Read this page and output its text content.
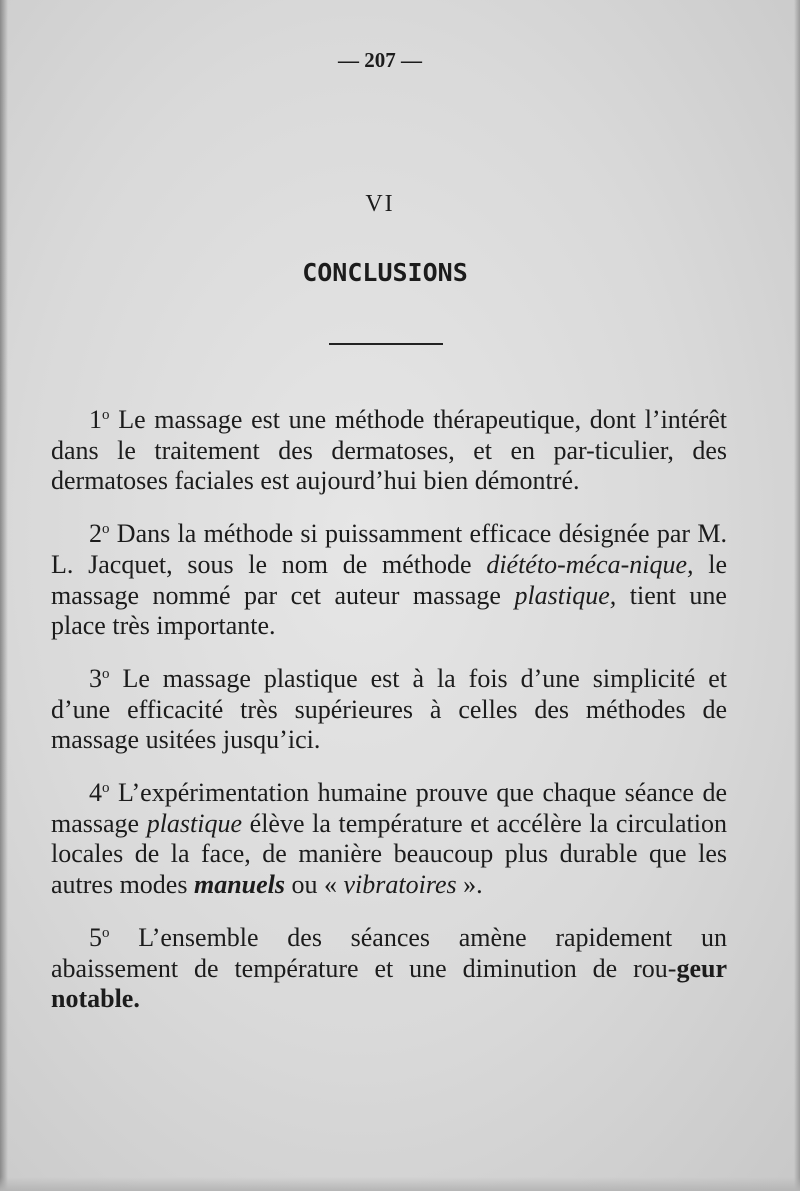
— 207 —
VI
CONCLUSIONS

1$^o$ Le massage est une méthode thérapeutique, dont l’intérêt dans le traitement des dermatoses, et en par-ticulier, des dermatoses faciales est aujourd’hui bien démontré.

2$^o$ Dans la méthode si puissamment efficace désignée par M. L. Jacquet, sous le nom de méthode diététo-méca-nique, le massage nommé par cet auteur massage plastique, tient une place très importante.

3$^o$ Le massage plastique est à la fois d’une simplicité et d’une efficacité très supérieures à celles des méthodes de massage usitées jusqu’ici.

4$^o$ L’expérimentation humaine prouve que chaque séance de massage plastique élève la température et accélère la circulation locales de la face, de manière beaucoup plus durable que les autres modes manuels ou « vibratoires ».

5$^o$ L’ensemble des séances amène rapidement un abaissement de température et une diminution de rou-geur notable.
